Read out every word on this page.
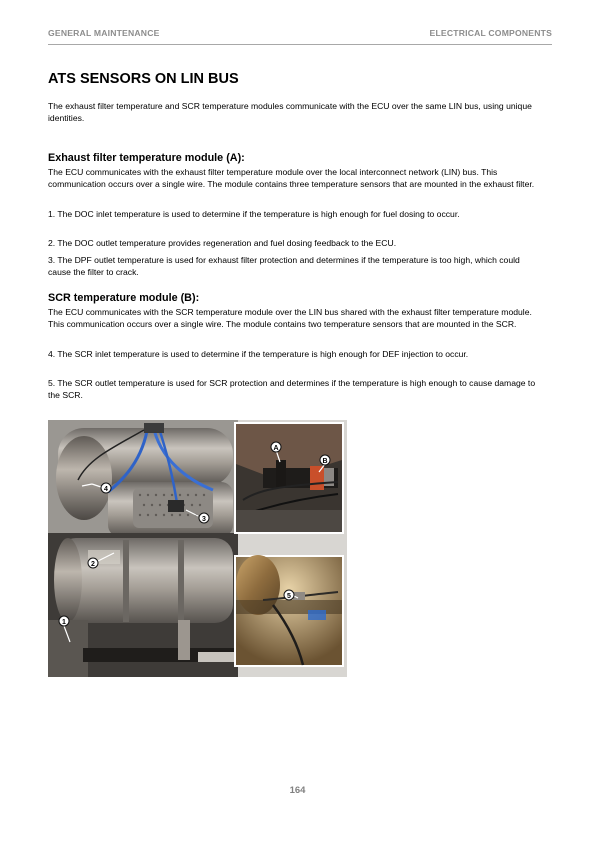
GENERAL MAINTENANCE	ELECTRICAL COMPONENTS
ATS SENSORS ON LIN BUS

The exhaust filter temperature and SCR temperature modules communicate with the ECU over the same LIN bus, using unique identities.

Exhaust filter temperature module (A):

The ECU communicates with the exhaust filter temperature module over the local interconnect network (LIN) bus. This communication occurs over a single wire. The module contains three temperature sensors that are mounted in the exhaust filter.

1. The DOC inlet temperature is used to determine if the temperature is high enough for fuel dosing to occur.

2. The DOC outlet temperature provides regeneration and fuel dosing feedback to the ECU.

3. The DPF outlet temperature is used for exhaust filter protection and determines if the temperature is too high, which could cause the filter to crack.

SCR temperature module (B):

The ECU communicates with the SCR temperature module over the LIN bus shared with the exhaust filter temperature module. This communication occurs over a single wire. The module contains two temperature sensors that are mounted in the SCR.

4. The SCR inlet temperature is used to determine if the temperature is high enough for DEF injection to occur.

5. The SCR outlet temperature is used for SCR protection and determines if the temperature is high enough to cause damage to the SCR.

4
3
2
1
A
B
5
164
